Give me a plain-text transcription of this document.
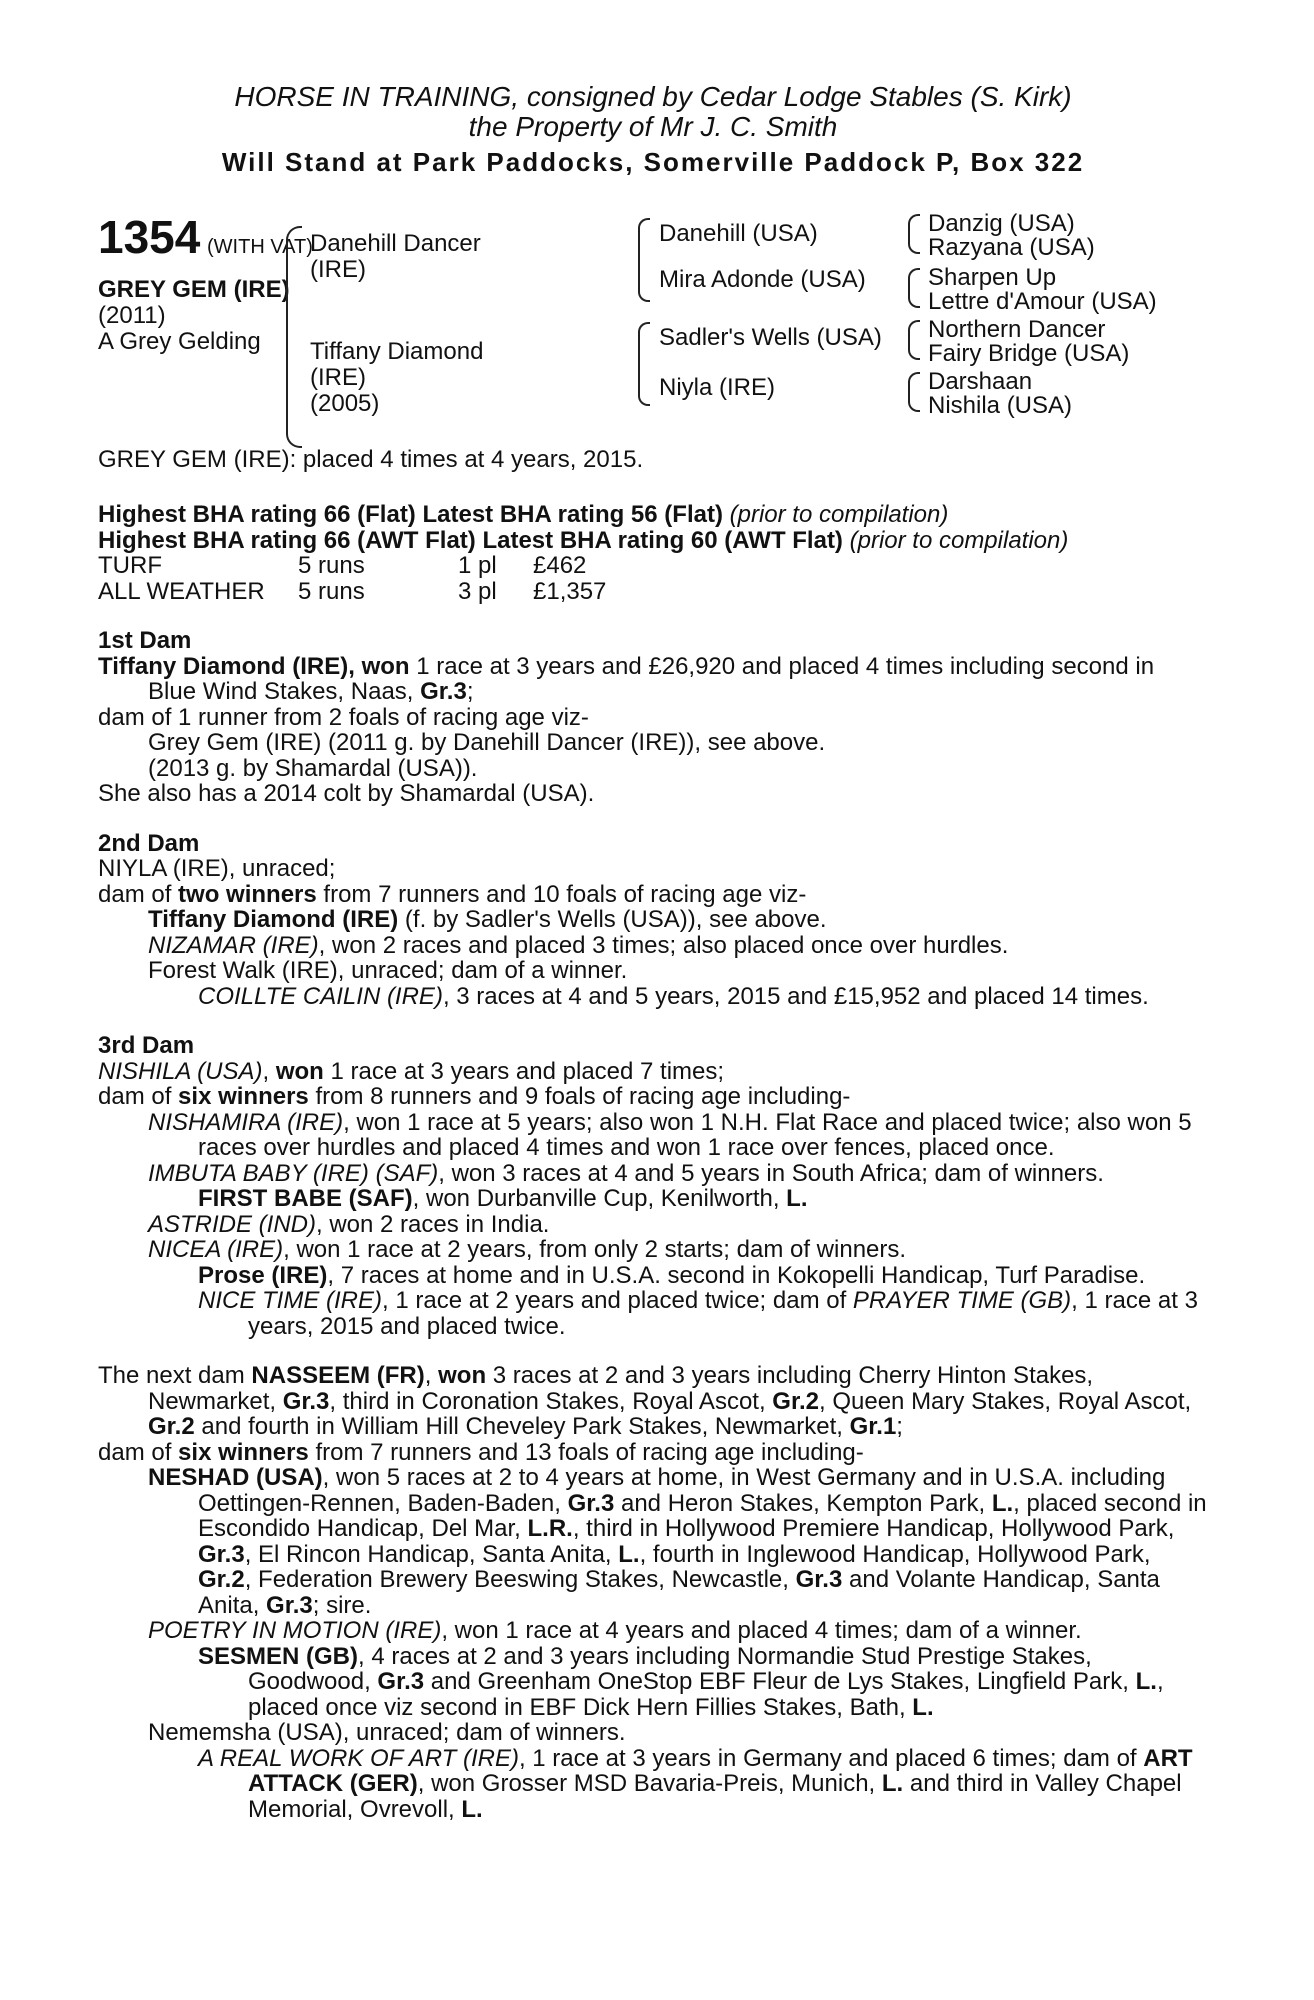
HORSE IN TRAINING, consigned by Cedar Lodge Stables (S. Kirk)
the Property of Mr J. C. Smith
Will Stand at Park Paddocks, Somerville Paddock P, Box 322
1354 (WITH VAT)
GREY GEM (IRE)
(2011)
A Grey Gelding
Danehill Dancer
(IRE)
Tiffany Diamond
(IRE)
(2005)
Danehill (USA)
Mira Adonde (USA)
Sadler's Wells (USA)
Niyla (IRE)
Danzig (USA)
Razyana (USA)
Sharpen Up
Lettre d'Amour (USA)
Northern Dancer
Fairy Bridge (USA)
Darshaan
Nishila (USA)
GREY GEM (IRE): placed 4 times at 4 years, 2015.

Highest BHA rating 66 (Flat) Latest BHA rating 56 (Flat) (prior to compilation)

Highest BHA rating 66 (AWT Flat) Latest BHA rating 60 (AWT Flat) (prior to compilation)

TURF	5 runs	1 pl	£462
ALL WEATHER	5 runs	3 pl	£1,357

1st Dam

Tiffany Diamond (IRE), won 1 race at 3 years and £26,920 and placed 4 times including second in Blue Wind Stakes, Naas, Gr.3;

dam of 1 runner from 2 foals of racing age viz-

Grey Gem (IRE) (2011 g. by Danehill Dancer (IRE)), see above.

(2013 g. by Shamardal (USA)).

She also has a 2014 colt by Shamardal (USA).

2nd Dam

NIYLA (IRE), unraced;

dam of two winners from 7 runners and 10 foals of racing age viz-

Tiffany Diamond (IRE) (f. by Sadler's Wells (USA)), see above.

NIZAMAR (IRE), won 2 races and placed 3 times; also placed once over hurdles.

Forest Walk (IRE), unraced; dam of a winner.

COILLTE CAILIN (IRE), 3 races at 4 and 5 years, 2015 and £15,952 and placed 14 times.

3rd Dam

NISHILA (USA), won 1 race at 3 years and placed 7 times;

dam of six winners from 8 runners and 9 foals of racing age including-

NISHAMIRA (IRE), won 1 race at 5 years; also won 1 N.H. Flat Race and placed twice; also won 5 races over hurdles and placed 4 times and won 1 race over fences, placed once.

IMBUTA BABY (IRE) (SAF), won 3 races at 4 and 5 years in South Africa; dam of winners.

FIRST BABE (SAF), won Durbanville Cup, Kenilworth, L.

ASTRIDE (IND), won 2 races in India.

NICEA (IRE), won 1 race at 2 years, from only 2 starts; dam of winners.

Prose (IRE), 7 races at home and in U.S.A. second in Kokopelli Handicap, Turf Paradise.

NICE TIME (IRE), 1 race at 2 years and placed twice; dam of PRAYER TIME (GB), 1 race at 3 years, 2015 and placed twice.

The next dam NASSEEM (FR), won 3 races at 2 and 3 years including Cherry Hinton Stakes, Newmarket, Gr.3, third in Coronation Stakes, Royal Ascot, Gr.2, Queen Mary Stakes, Royal Ascot, Gr.2 and fourth in William Hill Cheveley Park Stakes, Newmarket, Gr.1;

dam of six winners from 7 runners and 13 foals of racing age including-

NESHAD (USA), won 5 races at 2 to 4 years at home, in West Germany and in U.S.A. including Oettingen-Rennen, Baden-Baden, Gr.3 and Heron Stakes, Kempton Park, L., placed second in Escondido Handicap, Del Mar, L.R., third in Hollywood Premiere Handicap, Hollywood Park, Gr.3, El Rincon Handicap, Santa Anita, L., fourth in Inglewood Handicap, Hollywood Park, Gr.2, Federation Brewery Beeswing Stakes, Newcastle, Gr.3 and Volante Handicap, Santa Anita, Gr.3; sire.

POETRY IN MOTION (IRE), won 1 race at 4 years and placed 4 times; dam of a winner.

SESMEN (GB), 4 races at 2 and 3 years including Normandie Stud Prestige Stakes, Goodwood, Gr.3 and Greenham OneStop EBF Fleur de Lys Stakes, Lingfield Park, L., placed once viz second in EBF Dick Hern Fillies Stakes, Bath, L.

Nememsha (USA), unraced; dam of winners.

A REAL WORK OF ART (IRE), 1 race at 3 years in Germany and placed 6 times; dam of ART ATTACK (GER), won Grosser MSD Bavaria-Preis, Munich, L. and third in Valley Chapel Memorial, Ovrevoll, L.
